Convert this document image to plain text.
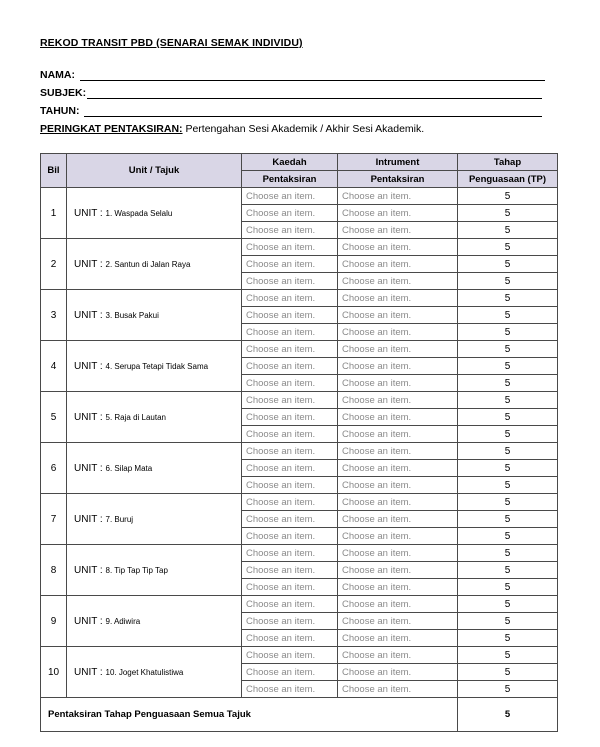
REKOD TRANSIT PBD (SENARAI SEMAK INDIVIDU)
NAMA:
SUBJEK:
TAHUN:
PERINGKAT PENTAKSIRAN: Pertengahan Sesi Akademik / Akhir Sesi Akademik.
Bil	Unit / Tajuk	Kaedah	Intrument	Tahap
		Pentaksiran	Pentaksiran	Penguasaan (TP)
1	UNIT : 1. Waspada Selalu	Choose an item.	Choose an item.	5
		Choose an item.	Choose an item.	5
		Choose an item.	Choose an item.	5
2	UNIT : 2. Santun di Jalan Raya	Choose an item.	Choose an item.	5
		Choose an item.	Choose an item.	5
		Choose an item.	Choose an item.	5
3	UNIT : 3. Busak Pakui	Choose an item.	Choose an item.	5
		Choose an item.	Choose an item.	5
		Choose an item.	Choose an item.	5
4	UNIT : 4. Serupa Tetapi Tidak Sama	Choose an item.	Choose an item.	5
		Choose an item.	Choose an item.	5
		Choose an item.	Choose an item.	5
5	UNIT : 5. Raja di Lautan	Choose an item.	Choose an item.	5
		Choose an item.	Choose an item.	5
		Choose an item.	Choose an item.	5
6	UNIT : 6. Silap Mata	Choose an item.	Choose an item.	5
		Choose an item.	Choose an item.	5
		Choose an item.	Choose an item.	5
7	UNIT : 7. Buruj	Choose an item.	Choose an item.	5
		Choose an item.	Choose an item.	5
		Choose an item.	Choose an item.	5
8	UNIT : 8. Tip Tap Tip Tap	Choose an item.	Choose an item.	5
		Choose an item.	Choose an item.	5
		Choose an item.	Choose an item.	5
9	UNIT : 9. Adiwira	Choose an item.	Choose an item.	5
		Choose an item.	Choose an item.	5
		Choose an item.	Choose an item.	5
10	UNIT : 10. Joget Khatulistiwa	Choose an item.	Choose an item.	5
		Choose an item.	Choose an item.	5
		Choose an item.	Choose an item.	5
Pentaksiran Tahap Penguasaan Semua Tajuk				5
